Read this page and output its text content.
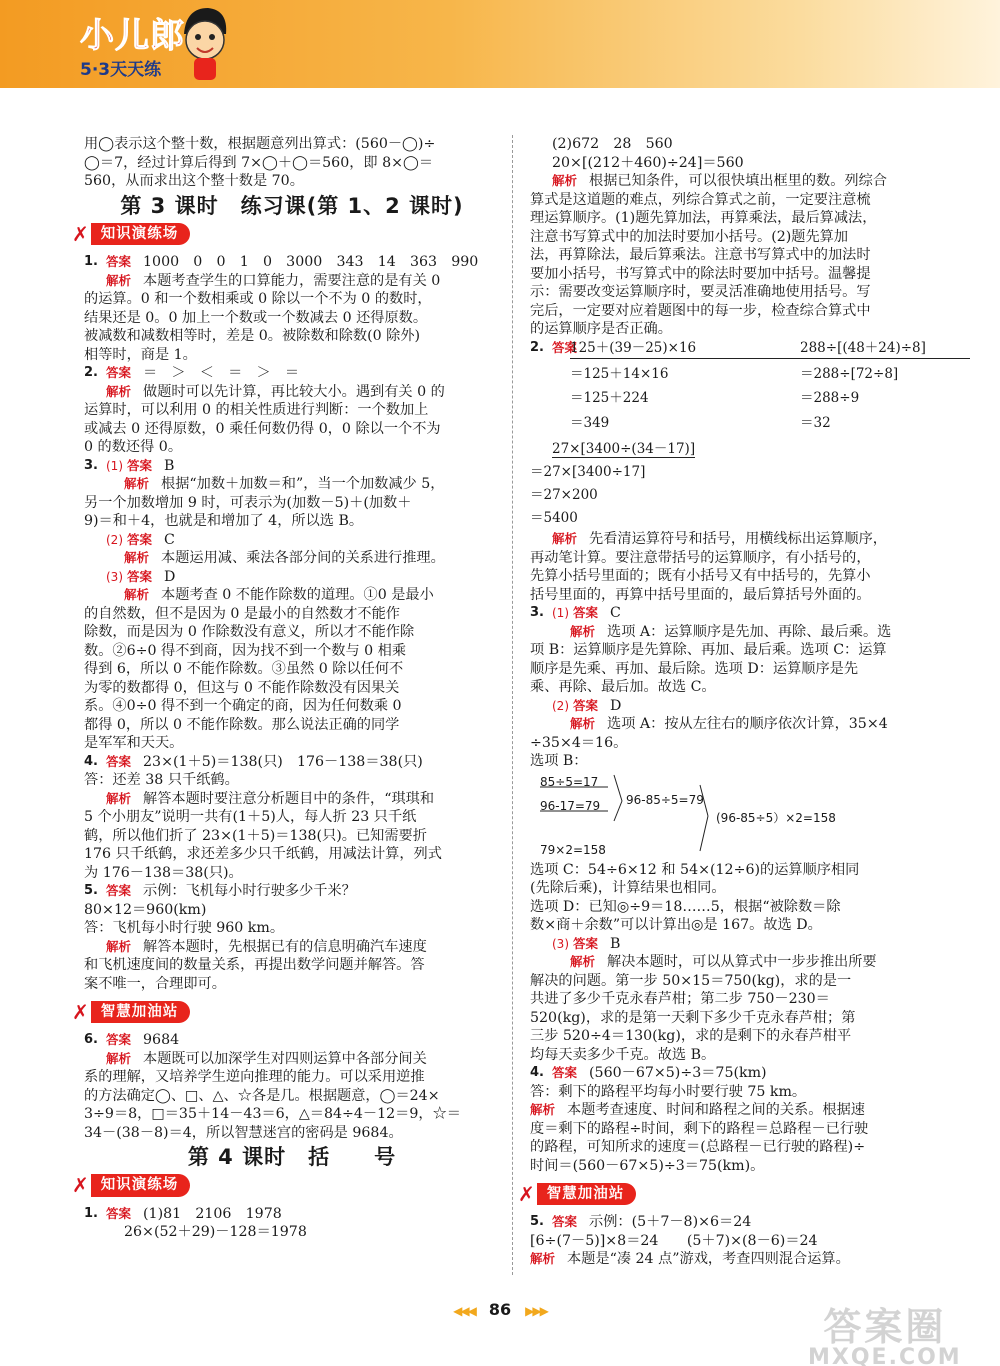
小儿郎
5·3天天练

用◯表示这个整十数，根据题意列出算式：(560－◯)÷

◯＝7，经过计算后得到 7×◯＋◯＝560，即 8×◯＝

560，从而求出这个整十数是 70。

第 3 课时　练习课(第 1、2 课时)
✗ 知识演练场
1. 答案 1000　0　0　1　0　3000　343　14　363　990

解析 本题考查学生的口算能力，需要注意的是有关 0

的运算。0 和一个数相乘或 0 除以一个不为 0 的数时，

结果还是 0。0 加上一个数或一个数减去 0 还得原数。

被减数和减数相等时，差是 0。被除数和除数(0 除外)

相等时，商是 1。

2. 答案 ＝　＞　＜　＝　＞　＝

解析 做题时可以先计算，再比较大小。遇到有关 0 的

运算时，可以利用 0 的相关性质进行判断：一个数加上

或减去 0 还得原数，0 乘任何数仍得 0，0 除以一个不为

0 的数还得 0。

3. (1) 答案 B

解析 根据“加数＋加数＝和”，当一个加数减少 5，

另一个加数增加 9 时，可表示为(加数－5)＋(加数＋

9)＝和＋4，也就是和增加了 4，所以选 B。

(2) 答案 C

解析 本题运用减、乘法各部分间的关系进行推理。

(3) 答案 D

解析 本题考查 0 不能作除数的道理。①0 是最小

的自然数，但不是因为 0 是最小的自然数才不能作

除数，而是因为 0 作除数没有意义，所以才不能作除

数。②6÷0 得不到商，因为找不到一个数与 0 相乘

得到 6，所以 0 不能作除数。③虽然 0 除以任何不

为零的数都得 0，但这与 0 不能作除数没有因果关

系。④0÷0 得不到一个确定的商，因为任何数乘 0

都得 0，所以 0 不能作除数。那么说法正确的同学

是军军和天天。

4. 答案 23×(1＋5)＝138(只)　176－138＝38(只)

答：还差 38 只千纸鹤。

解析 解答本题时要注意分析题目中的条件，“琪琪和

5 个小朋友”说明一共有(1＋5)人，每人折 23 只千纸

鹤，所以他们折了 23×(1＋5)＝138(只)。已知需要折

176 只千纸鹤，求还差多少只千纸鹤，用减法计算，列式

为 176－138＝38(只)。

5. 答案 示例：飞机每小时行驶多少千米？

80×12＝960(km)

答：飞机每小时行驶 960 km。

解析 解答本题时，先根据已有的信息明确汽车速度

和飞机速度间的数量关系，再提出数学问题并解答。答

案不唯一，合理即可。

✗ 智慧加油站
6. 答案 9684

解析 本题既可以加深学生对四则运算中各部分间关

系的理解，又培养学生逆向推理的能力。可以采用逆推

的方法确定◯、□、△、☆各是几。根据题意，◯＝24×

3÷9＝8，□＝35＋14－43＝6，△＝84÷4－12＝9，☆＝

34－(38－8)＝4，所以智慧迷宫的密码是 9684。

第 4 课时　括　　号
✗ 知识演练场
1. 答案 (1)81　2106　1978

26×(52＋29)－128＝1978

(2)672　28　560

20×[(212＋460)÷24]＝560

解析 根据已知条件，可以很快填出框里的数。列综合

算式是这道题的难点，列综合算式之前，一定要注意梳

理运算顺序。(1)题先算加法，再算乘法，最后算减法，

注意书写算式中的加法时要加小括号。(2)题先算加

法，再算除法，最后算乘法。注意书写算式中的加法时

要加小括号，书写算式中的除法时要加中括号。温馨提

示：需要改变运算顺序时，要灵活准确地使用括号。写

完后，一定要对应着题图中的每一步，检查综合算式中

的运算顺序是否正确。

2. 答案
125＋(39－25)×16	288÷[(48＋24)÷8]
＝125＋14×16	＝288÷[72÷8]
＝125＋224	＝288÷9
＝349	＝32

27×[3400÷(34－17)]

＝27×[3400÷17]

＝27×200

＝5400

解析 先看清运算符号和括号，用横线标出运算顺序，

再动笔计算。要注意带括号的运算顺序，有小括号的，

先算小括号里面的；既有小括号又有中括号的，先算小

括号里面的，再算中括号里面的，最后算括号外面的。

3. (1) 答案 C

解析 选项 A：运算顺序是先加、再除、最后乘。选

项 B：运算顺序是先算除、再加、最后乘。选项 C：运算

顺序是先乘、再加、最后除。选项 D：运算顺序是先

乘、再除、最后加。故选 C。

(2) 答案 D

解析 选项 A：按从左往右的顺序依次计算，35×4

÷35×4＝16。

选项 B：

85÷5=17
96-85÷5=79
96-17=79
(96-85÷5）×2=158
79×2=158

选项 C：54÷6×12 和 54×(12÷6)的运算顺序相同

(先除后乘)，计算结果也相同。

选项 D：已知◎÷9＝18……5，根据“被除数＝除

数×商＋余数”可以计算出◎是 167。故选 D。

(3) 答案 B

解析 解决本题时，可以从算式中一步步推出所要

解决的问题。第一步 50×15＝750(kg)，求的是一

共进了多少千克永春芦柑；第二步 750－230＝

520(kg)，求的是第一天剩下多少千克永春芦柑；第

三步 520÷4＝130(kg)，求的是剩下的永春芦柑平

均每天卖多少千克。故选 B。

4. 答案 (560－67×5)÷3＝75(km)

答：剩下的路程平均每小时要行驶 75 km。

解析 本题考查速度、时间和路程之间的关系。根据速

度＝剩下的路程÷时间，剩下的路程＝总路程－已行驶

的路程，可知所求的速度＝(总路程－已行驶的路程)÷

时间＝(560－67×5)÷3＝75(km)。

✗ 智慧加油站
5. 答案 示例：(5＋7－8)×6＝24

[6÷(7－5)]×8＝24　　(5＋7)×(8－6)＝24

解析 本题是“凑 24 点”游戏，考查四则混合运算。

◀◀◀ 86 ▶▶▶	答案圈
MXQE.COM
